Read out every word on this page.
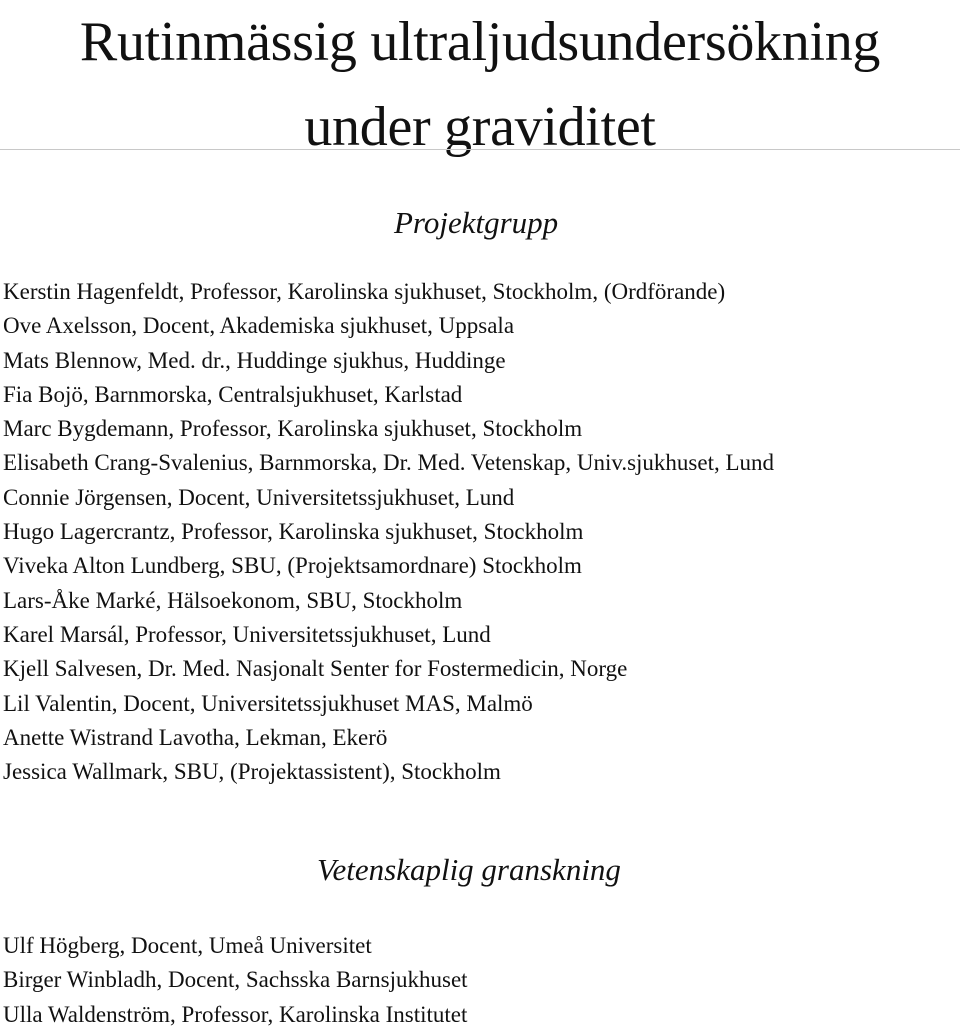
Rutinmässig ultraljudsundersökning
under graviditet
Projektgrupp
Kerstin Hagenfeldt, Professor, Karolinska sjukhuset, Stockholm, (Ordförande)
Ove Axelsson, Docent, Akademiska sjukhuset, Uppsala
Mats Blennow, Med. dr., Huddinge sjukhus, Huddinge
Fia Bojö, Barnmorska, Centralsjukhuset, Karlstad
Marc Bygdemann, Professor, Karolinska sjukhuset, Stockholm
Elisabeth Crang-Svalenius, Barnmorska, Dr. Med. Vetenskap, Univ.sjukhuset, Lund
Connie Jörgensen, Docent, Universitetssjukhuset, Lund
Hugo Lagercrantz, Professor, Karolinska sjukhuset, Stockholm
Viveka Alton Lundberg, SBU, (Projektsamordnare) Stockholm
Lars-Åke Marké, Hälsoekonom, SBU, Stockholm
Karel Marsál, Professor, Universitetssjukhuset, Lund
Kjell Salvesen, Dr. Med. Nasjonalt Senter for Fostermedicin, Norge
Lil Valentin, Docent, Universitetssjukhuset MAS, Malmö
Anette Wistrand Lavotha, Lekman, Ekerö
Jessica Wallmark, SBU, (Projektassistent), Stockholm
Vetenskaplig granskning
Ulf Högberg, Docent, Umeå Universitet
Birger Winbladh, Docent, Sachsska Barnsjukhuset
Ulla Waldenström, Professor, Karolinska Institutet
